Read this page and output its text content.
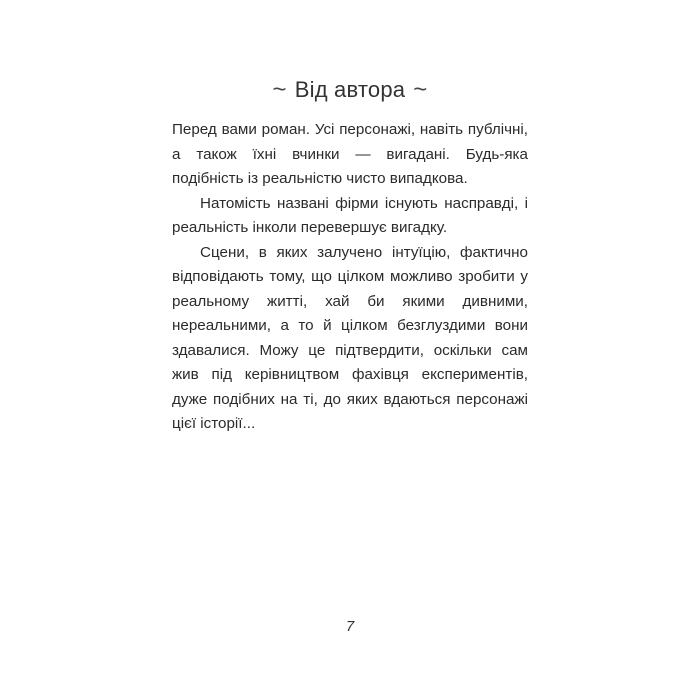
~ Від автора ~

Перед вами роман. Усі персонажі, навіть публічні, а також їхні вчинки — вигадані. Будь-яка подібність із реальністю чисто випадкова.

Натомість названі фірми існують насправді, і реальність інколи перевершує вигадку.

Сцени, в яких залучено інтуїцію, фактично відповідають тому, що цілком можливо зробити у реальному житті, хай би якими дивними, нереальними, а то й цілком безглуздими вони здавалися. Можу це підтвердити, оскільки сам жив під керівництвом фахівця експериментів, дуже подібних на ті, до яких вдаються персонажі цієї історії...

7
